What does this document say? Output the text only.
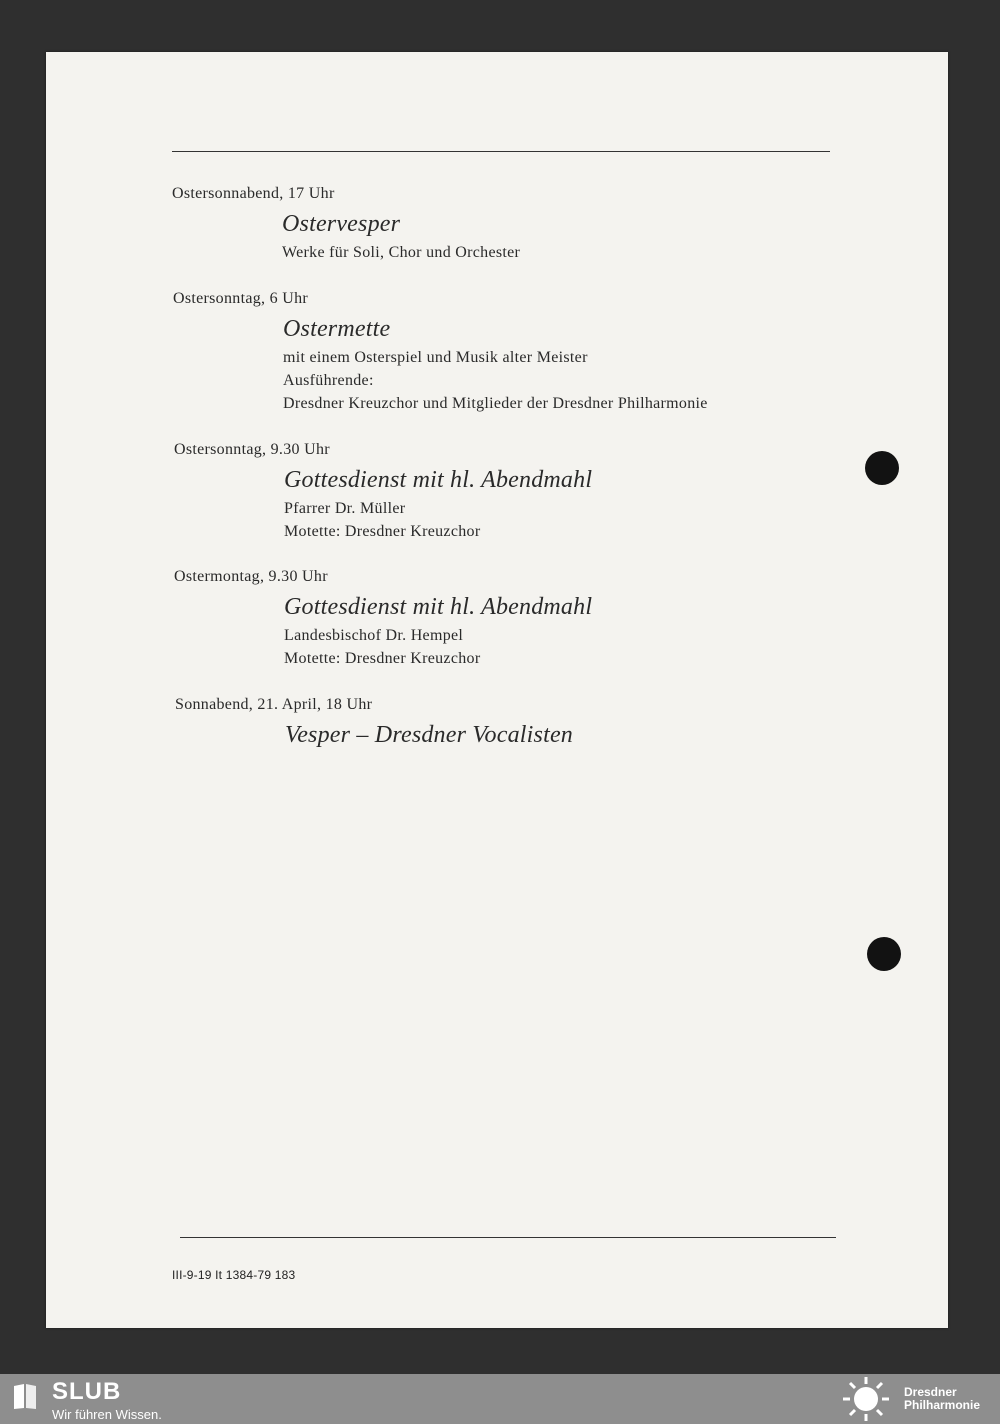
Ostersonnabend, 17 Uhr
Ostervesper
Werke für Soli, Chor und Orchester
Ostersonntag, 6 Uhr
Ostermette
mit einem Osterspiel und Musik alter Meister
Ausführende:
Dresdner Kreuzchor und Mitglieder der Dresdner Philharmonie
Ostersonntag, 9.30 Uhr
Gottesdienst mit hl. Abendmahl
Pfarrer Dr. Müller
Motette: Dresdner Kreuzchor
Ostermontag, 9.30 Uhr
Gottesdienst mit hl. Abendmahl
Landesbischof Dr. Hempel
Motette: Dresdner Kreuzchor
Sonnabend, 21. April, 18 Uhr
Vesper – Dresdner Vocalisten
III-9-19 It 1384-79 183
SLUB
Wir führen Wissen.
Dresdner
Philharmonie
